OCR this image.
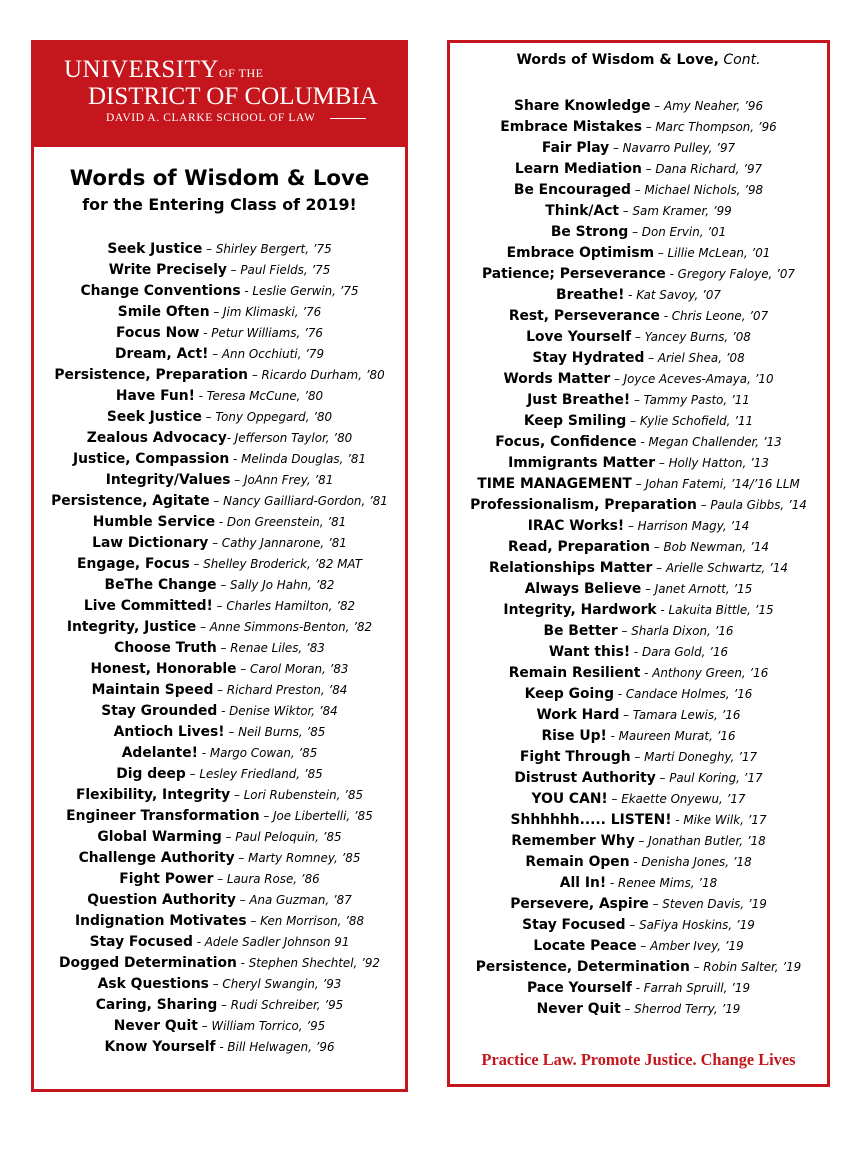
UNIVERSITYOF THE
DISTRICT OF COLUMBIA
DAVID A. CLARKE SCHOOL OF LAW
Words of Wisdom & Love
for the Entering Class of 2019!
Seek Justice – Shirley Bergert, ’75
Write Precisely – Paul Fields, ’75
Change Conventions - Leslie Gerwin, ’75
Smile Often – Jim Klimaski, ’76
Focus Now - Petur Williams, ’76
Dream, Act! – Ann Occhiuti, ’79
Persistence, Preparation – Ricardo Durham, ’80
Have Fun! - Teresa McCune, ’80
Seek Justice – Tony Oppegard, ’80
Zealous Advocacy- Jefferson Taylor, ’80
Justice, Compassion - Melinda Douglas, ’81
Integrity/Values – JoAnn Frey, ’81
Persistence, Agitate – Nancy Gailliard-Gordon, ’81
Humble Service - Don Greenstein, ’81
Law Dictionary – Cathy Jannarone, ’81
Engage, Focus – Shelley Broderick, ’82 MAT
BeThe Change – Sally Jo Hahn, ’82
Live Committed! – Charles Hamilton, ’82
Integrity, Justice – Anne Simmons-Benton, ’82
Choose Truth – Renae Liles, ’83
Honest, Honorable – Carol Moran, ’83
Maintain Speed – Richard Preston, ’84
Stay Grounded - Denise Wiktor, ’84
Antioch Lives! – Neil Burns, ’85
Adelante! - Margo Cowan, ’85
Dig deep – Lesley Friedland, ’85
Flexibility, Integrity – Lori Rubenstein, ’85
Engineer Transformation – Joe Libertelli, ’85
Global Warming – Paul Peloquin, ’85
Challenge Authority – Marty Romney, ’85
Fight Power – Laura Rose, ’86
Question Authority – Ana Guzman, ’87
Indignation Motivates – Ken Morrison, ’88
Stay Focused - Adele Sadler Johnson 91
Dogged Determination - Stephen Shechtel, ’92
Ask Questions – Cheryl Swangin, ’93
Caring, Sharing – Rudi Schreiber, ’95
Never Quit – William Torrico, ’95
Know Yourself - Bill Helwagen, ’96
Words of Wisdom & Love, Cont.
Share Knowledge – Amy Neaher, ’96
Embrace Mistakes – Marc Thompson, ’96
Fair Play – Navarro Pulley, ’97
Learn Mediation – Dana Richard, ’97
Be Encouraged – Michael Nichols, ’98
Think/Act – Sam Kramer, ’99
Be Strong – Don Ervin, ’01
Embrace Optimism – Lillie McLean, ’01
Patience; Perseverance - Gregory Faloye, ’07
Breathe! - Kat Savoy, ’07
Rest, Perseverance - Chris Leone, ’07
Love Yourself – Yancey Burns, ’08
Stay Hydrated – Ariel Shea, ’08
Words Matter – Joyce Aceves-Amaya, ’10
Just Breathe! – Tammy Pasto, ’11
Keep Smiling – Kylie Schofield, ’11
Focus, Confidence - Megan Challender, ’13
Immigrants Matter – Holly Hatton, ’13
TIME MANAGEMENT – Johan Fatemi, ’14/’16 LLM
Professionalism, Preparation – Paula Gibbs, ’14
IRAC Works! – Harrison Magy, ’14
Read, Preparation – Bob Newman, ’14
Relationships Matter – Arielle Schwartz, ’14
Always Believe – Janet Arnott, ’15
Integrity, Hardwork - Lakuita Bittle, ’15
Be Better – Sharla Dixon, ’16
Want this! - Dara Gold, ’16
Remain Resilient - Anthony Green, ’16
Keep Going - Candace Holmes, ’16
Work Hard – Tamara Lewis, ’16
Rise Up! - Maureen Murat, ’16
Fight Through – Marti Doneghy, ’17
Distrust Authority – Paul Koring, ’17
YOU CAN! – Ekaette Onyewu, ’17
Shhhhhh..... LISTEN! - Mike Wilk, ’17
Remember Why – Jonathan Butler, ’18
Remain Open - Denisha Jones, ’18
All In! - Renee Mims, ’18
Persevere, Aspire – Steven Davis, ’19
Stay Focused – SaFiya Hoskins, ’19
Locate Peace – Amber Ivey, ’19
Persistence, Determination – Robin Salter, ’19
Pace Yourself - Farrah Spruill, ’19
Never Quit – Sherrod Terry, ’19
Practice Law. Promote Justice. Change Lives
